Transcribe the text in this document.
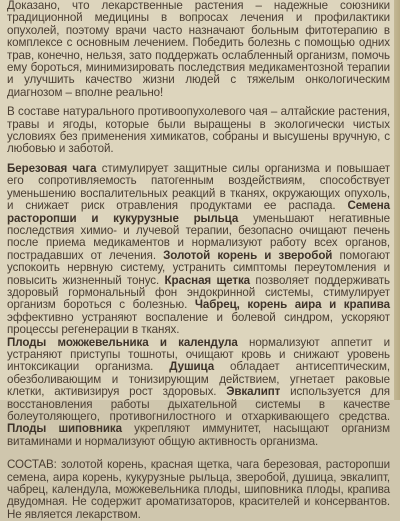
Доказано, что лекарственные растения – надежные союзники традиционной медицины в вопросах лечения и профилактики опухолей, поэтому врачи часто назначают больным фитотерапию в комплексе с основным лечением. Победить болезнь с помощью одних трав, конечно, нельзя, зато поддержать ослабленный организм, помочь ему бороться, минимизировать последствия медикаментозной терапии и улучшить качество жизни людей с тяжелым онкологическим диагнозом – вполне реально!

В составе натурального противоопухолевого чая – алтайские растения, травы и ягоды, которые были выращены в экологически чистых условиях без применения химикатов, собраны и высушены вручную, с любовью и заботой.

Березовая чага стимулирует защитные силы организма и повышает его сопротивляемость патогенным воздействиям, способствует уменьшению воспалительных реакций в тканях, окружающих опухоль, и снижает риск отравления продуктами ее распада. Семена расторопши и кукурузные рыльца уменьшают негативные последствия химио- и лучевой терапии, безопасно очищают печень после приема медикаментов и нормализуют работу всех органов, пострадавших от лечения. Золотой корень и зверобой помогают успокоить нервную систему, устранить симптомы переутомления и повысить жизненный тонус. Красная щетка позволяет поддерживать здоровый гормональный фон эндокринной системы, стимулирует организм бороться с болезнью. Чабрец, корень аира и крапива эффективно устраняют воспаление и болевой синдром, ускоряют процессы регенерации в тканях.

Плоды можжевельника и календула нормализуют аппетит и устраняют приступы тошноты, очищают кровь и снижают уровень интоксикации организма. Душица обладает антисептическим, обезболивающим и тонизирующим действием, угнетает раковые клетки, активизируя рост здоровых. Эвкалипт используется для восстановления работы дыхательной системы в качестве болеутоляющего, противогнилостного и отхаркивающего средства. Плоды шиповника укрепляют иммунитет, насыщают организм витаминами и нормализуют общую активность организма.

СОСТАВ: золотой корень, красная щетка, чага березовая, расторопши семена, аира корень, кукурузные рыльца, зверобой, душица, эвкалипт, чабрец, календула, можжевельника плоды, шиповника плоды, крапива двудомная. Не содержит ароматизаторов, красителей и консервантов. Не является лекарством.
